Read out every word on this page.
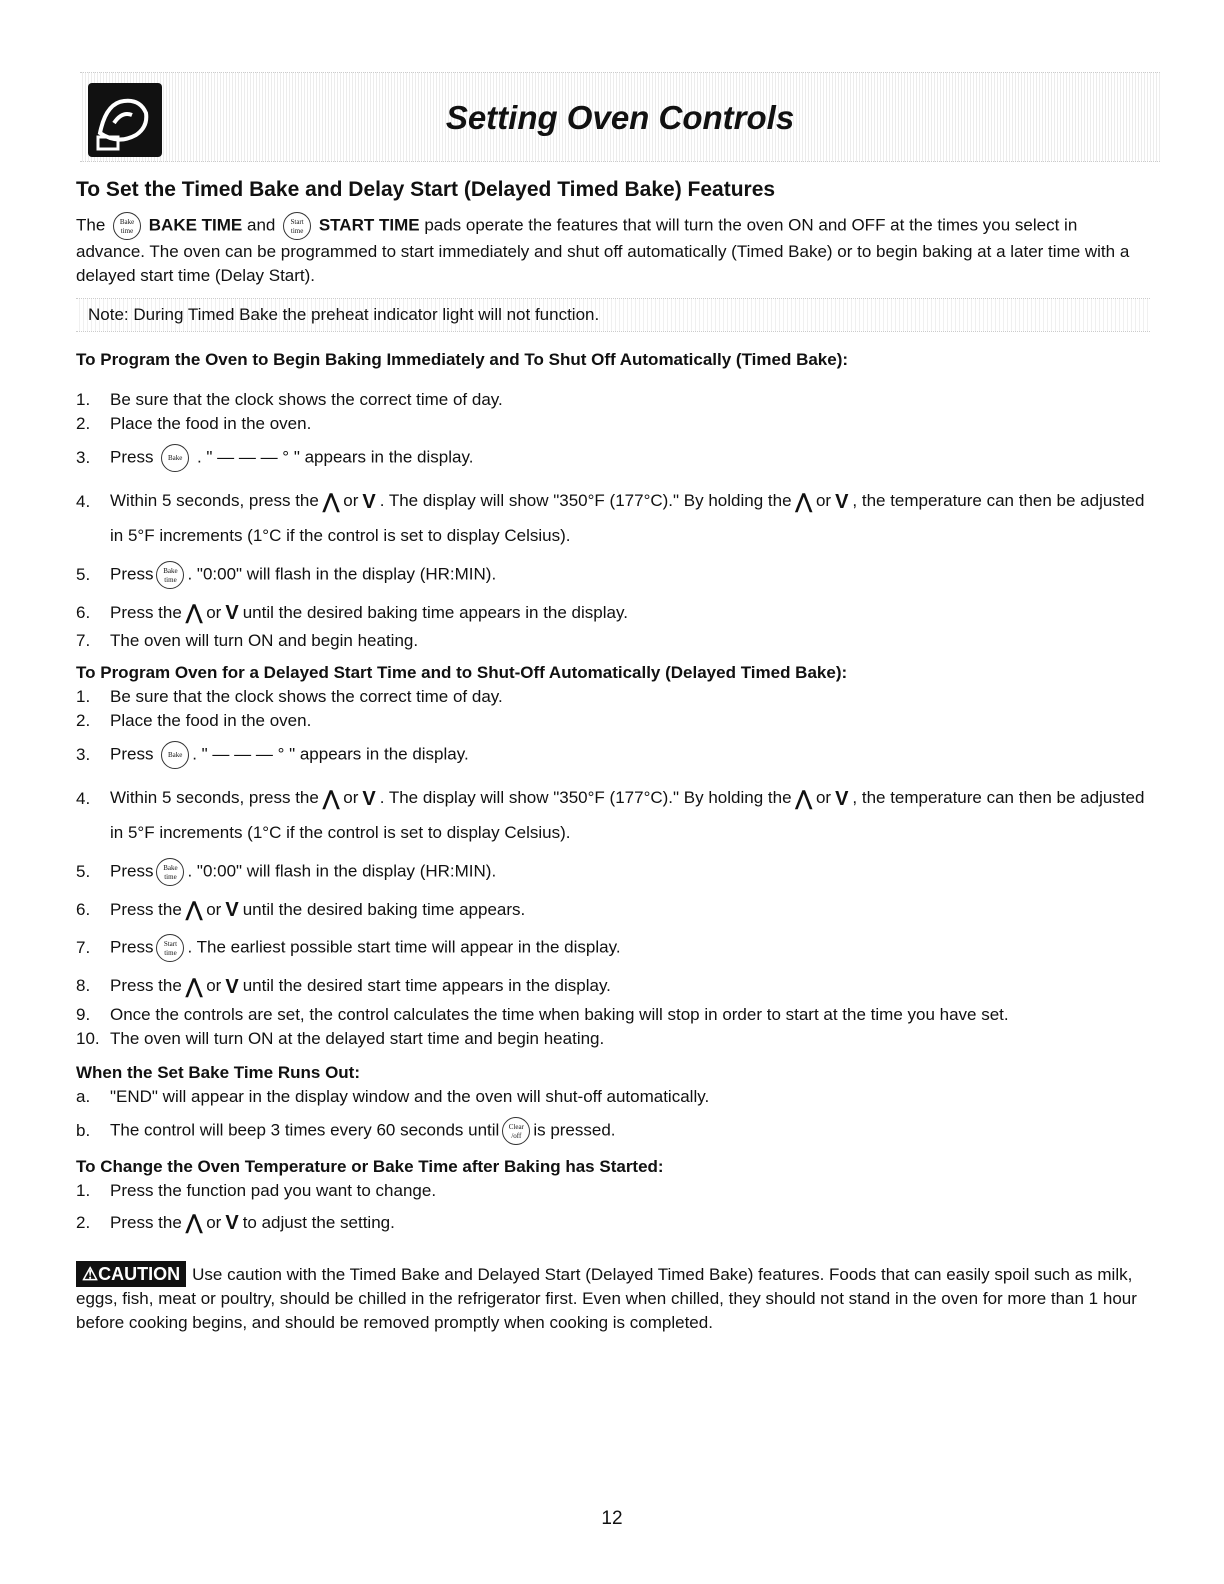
Setting Oven Controls
To Set the Timed Bake and Delay Start (Delayed Timed Bake) Features

The Bake
time BAKE TIME and Start
time START TIME pads operate the features that will turn the oven ON and OFF at the times you select in advance. The oven can be programmed to start immediately and shut off automatically (Timed Bake) or to begin baking at a later time with a delayed start time (Delay Start).

Note: During Timed Bake the preheat indicator light will not function.
To Program the Oven to Begin Baking Immediately and To Shut Off Automatically (Timed Bake):
1.	Be sure that the clock shows the correct time of day.
2.	Place the food in the oven.
3.	Press Bake . " — — — ° " appears in the display.
4.	Within 5 seconds, press the ⋀ or V . The display will show "350°F (177°C)." By holding the ⋀ or V , the temperature can then be adjusted in 5°F increments (1°C if the control is set to display Celsius).
5.	Press Bake
time . "0:00" will flash in the display (HR:MIN).
6.	Press the ⋀ or V until the desired baking time appears in the display.
7.	The oven will turn ON and begin heating.
To Program Oven for a Delayed Start Time and to Shut-Off Automatically (Delayed Timed Bake):
1.	Be sure that the clock shows the correct time of day.
2.	Place the food in the oven.
3.	Press Bake . " — — — ° " appears in the display.
4.	Within 5 seconds, press the ⋀ or V . The display will show "350°F (177°C)." By holding the ⋀ or V , the temperature can then be adjusted in 5°F increments (1°C if the control is set to display Celsius).
5.	Press Bake
time . "0:00" will flash in the display (HR:MIN).
6.	Press the ⋀ or V until the desired baking time appears.
7.	Press Start
time . The earliest possible start time will appear in the display.
8.	Press the ⋀ or V until the desired start time appears in the display.
9.	Once the controls are set, the control calculates the time when baking will stop in order to start at the time you have set.
10. The oven will turn ON at the delayed start time and begin heating.
When the Set Bake Time Runs Out:
a.	"END" will appear in the display window and the oven will shut-off automatically.
b.	The control will beep 3 times every 60 seconds until Clear
/off is pressed.
To Change the Oven Temperature or Bake Time after Baking has Started:
1.	Press the function pad you want to change.
2.	Press the ⋀ or V to adjust the setting.

⚠CAUTION Use caution with the Timed Bake and Delayed Start (Delayed Timed Bake) features. Foods that can easily spoil such as milk, eggs, fish, meat or poultry, should be chilled in the refrigerator first. Even when chilled, they should not stand in the oven for more than 1 hour before cooking begins, and should be removed promptly when cooking is completed.

12
